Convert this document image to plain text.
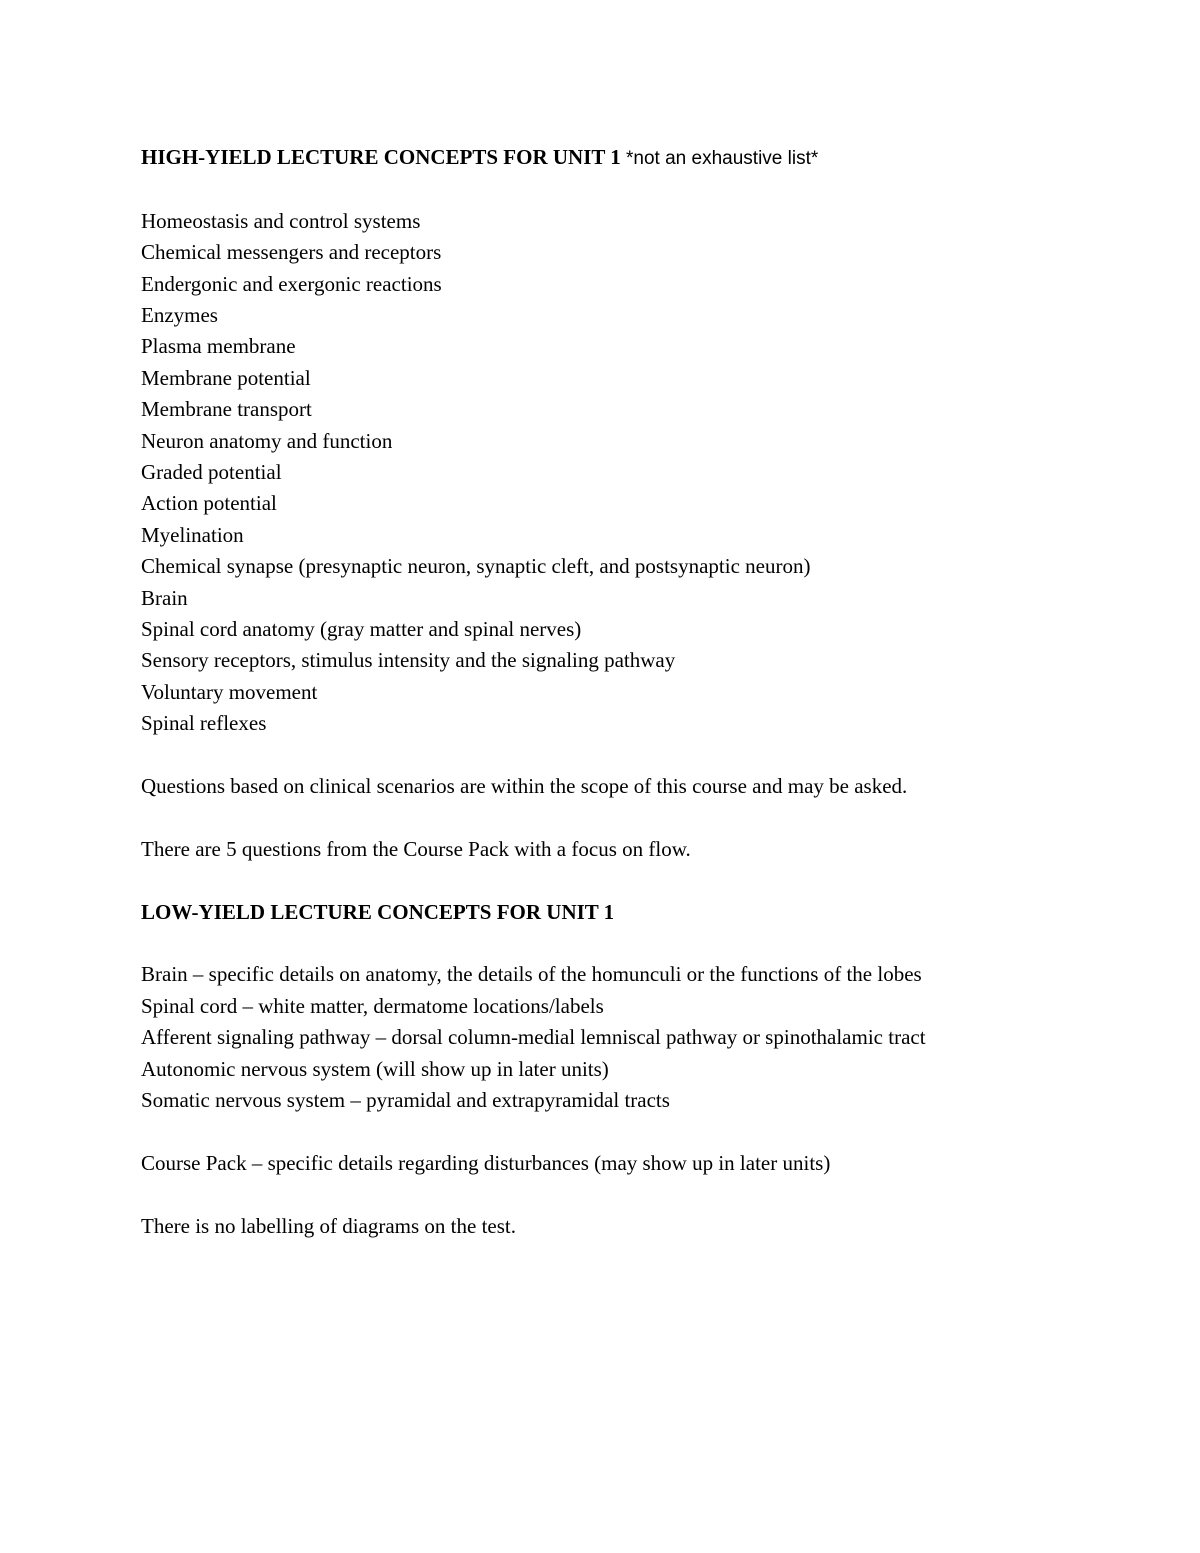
HIGH-YIELD LECTURE CONCEPTS FOR UNIT 1 *not an exhaustive list*
Homeostasis and control systems
Chemical messengers and receptors
Endergonic and exergonic reactions
Enzymes
Plasma membrane
Membrane potential
Membrane transport
Neuron anatomy and function
Graded potential
Action potential
Myelination
Chemical synapse (presynaptic neuron, synaptic cleft, and postsynaptic neuron)
Brain
Spinal cord anatomy (gray matter and spinal nerves)
Sensory receptors, stimulus intensity and the signaling pathway
Voluntary movement
Spinal reflexes

Questions based on clinical scenarios are within the scope of this course and may be asked.

There are 5 questions from the Course Pack with a focus on flow.

LOW-YIELD LECTURE CONCEPTS FOR UNIT 1
Brain – specific details on anatomy, the details of the homunculi or the functions of the lobes
Spinal cord – white matter, dermatome locations/labels
Afferent signaling pathway – dorsal column-medial lemniscal pathway or spinothalamic tract
Autonomic nervous system (will show up in later units)
Somatic nervous system – pyramidal and extrapyramidal tracts

Course Pack – specific details regarding disturbances (may show up in later units)

There is no labelling of diagrams on the test.
